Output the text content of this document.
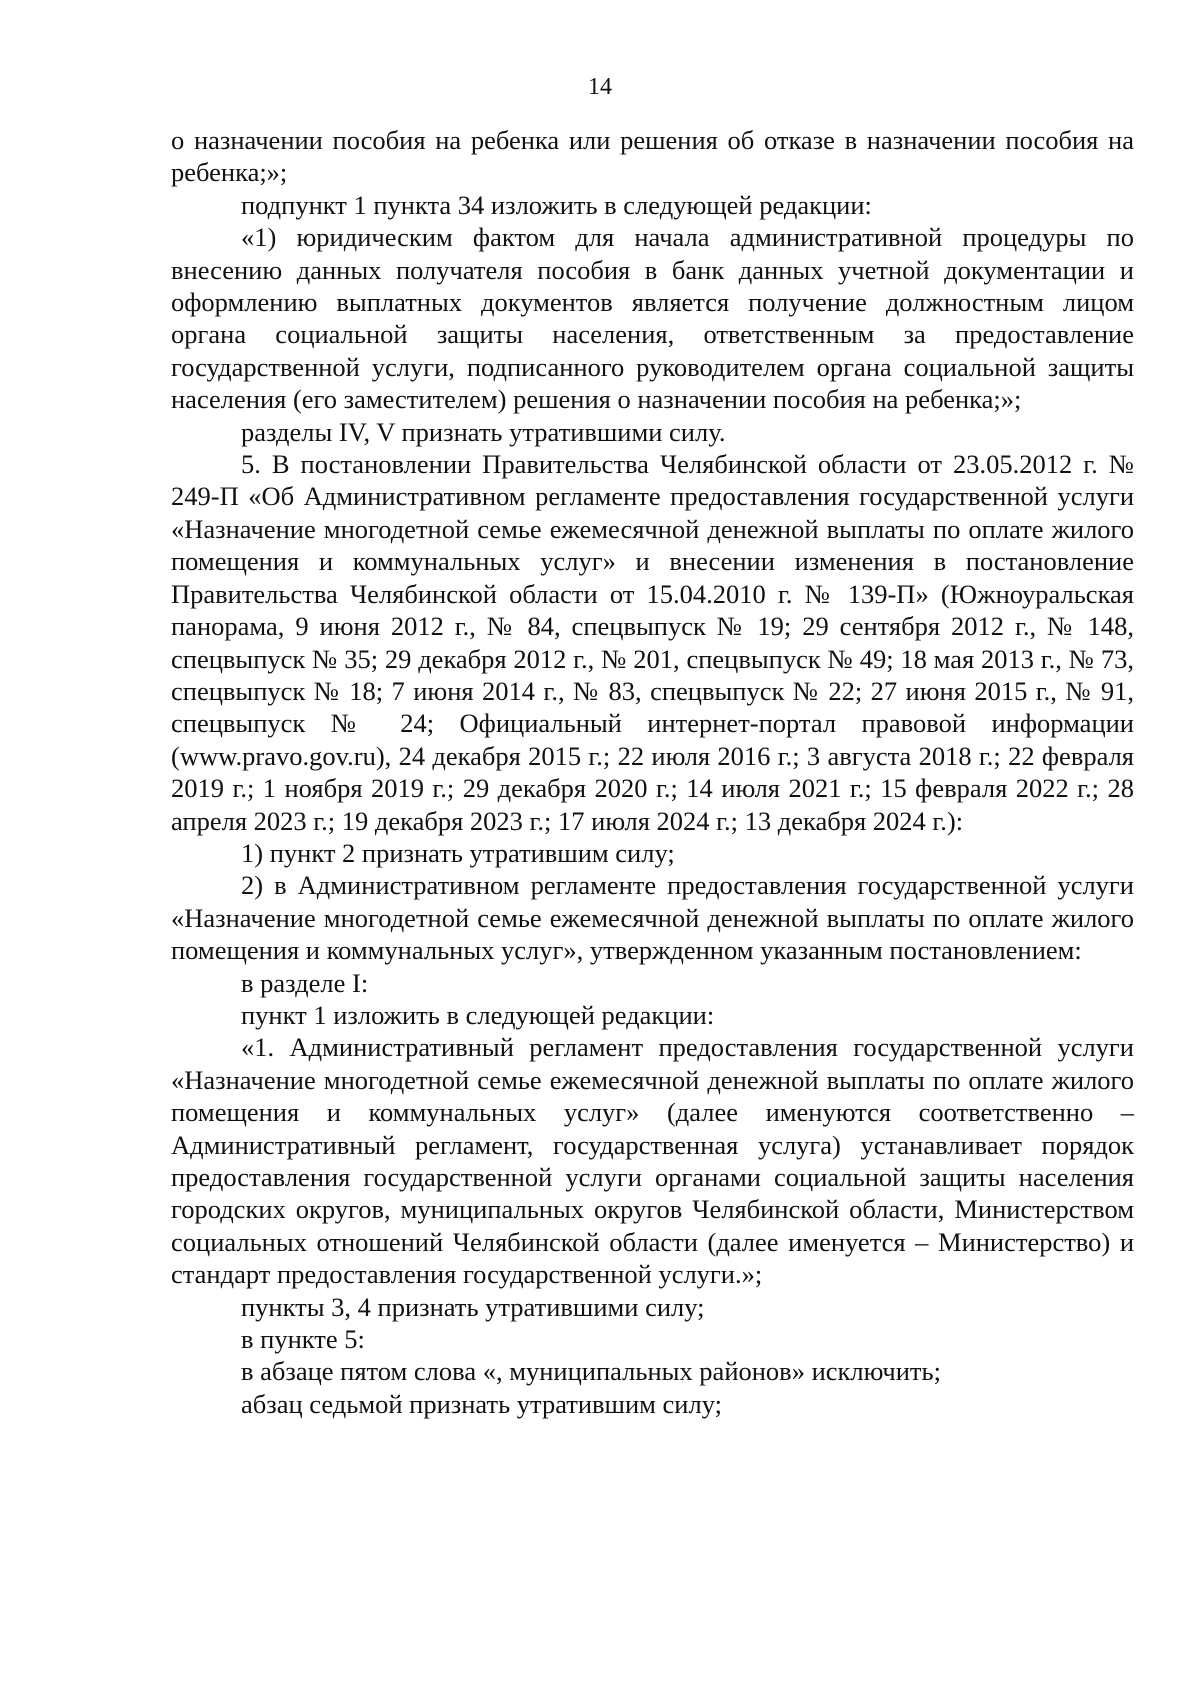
14

о назначении пособия на ребенка или решения об отказе в назначении пособия на ребенка;»;

подпункт 1 пункта 34 изложить в следующей редакции:

«1) юридическим фактом для начала административной процедуры по внесению данных получателя пособия в банк данных учетной документации и оформлению выплатных документов является получение должностным лицом органа социальной защиты населения, ответственным за предоставление государственной услуги, подписанного руководителем органа социальной защиты населения (его заместителем) решения о назначении пособия на ребенка;»;

разделы IV, V признать утратившими силу.

5. В постановлении Правительства Челябинской области от 23.05.2012 г. № 249-П «Об Административном регламенте предоставления государственной услуги «Назначение многодетной семье ежемесячной денежной выплаты по оплате жилого помещения и коммунальных услуг» и внесении изменения в постановление Правительства Челябинской области от 15.04.2010 г. № 139-П» (Южноуральская панорама, 9 июня 2012 г., № 84, спецвыпуск № 19; 29 сентября 2012 г., № 148, спецвыпуск № 35; 29 декабря 2012 г., № 201, спецвыпуск № 49; 18 мая 2013 г., № 73, спецвыпуск № 18; 7 июня 2014 г., № 83, спецвыпуск № 22; 27 июня 2015 г., № 91, спецвыпуск № 24; Официальный интернет-портал правовой информации (www.pravo.gov.ru), 24 декабря 2015 г.; 22 июля 2016 г.; 3 августа 2018 г.; 22 февраля 2019 г.; 1 ноября 2019 г.; 29 декабря 2020 г.; 14 июля 2021 г.; 15 февраля 2022 г.; 28 апреля 2023 г.; 19 декабря 2023 г.; 17 июля 2024 г.; 13 декабря 2024 г.):

1) пункт 2 признать утратившим силу;

2) в Административном регламенте предоставления государственной услуги «Назначение многодетной семье ежемесячной денежной выплаты по оплате жилого помещения и коммунальных услуг», утвержденном указанным постановлением:

в разделе I:

пункт 1 изложить в следующей редакции:

«1. Административный регламент предоставления государственной услуги «Назначение многодетной семье ежемесячной денежной выплаты по оплате жилого помещения и коммунальных услуг» (далее именуются соответственно – Административный регламент, государственная услуга) устанавливает порядок предоставления государственной услуги органами социальной защиты населения городских округов, муниципальных округов Челябинской области, Министерством социальных отношений Челябинской области (далее именуется – Министерство) и стандарт предоставления государственной услуги.»;

пункты 3, 4 признать утратившими силу;

в пункте 5:

в абзаце пятом слова «, муниципальных районов» исключить;

абзац седьмой признать утратившим силу;
